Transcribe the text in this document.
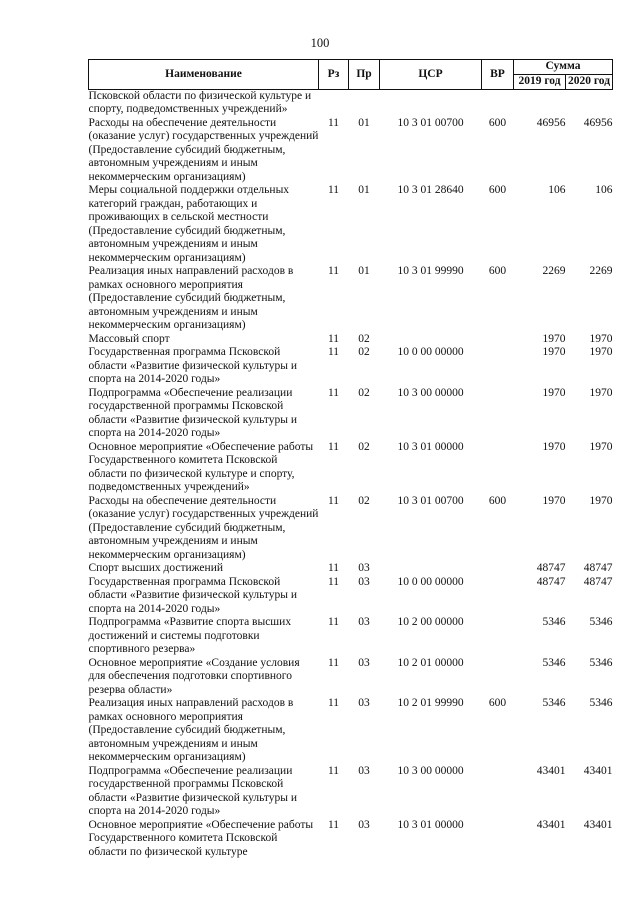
100
Наименование	Рз	Пр	ЦСР	ВР	Сумма	
					2019 год	2020 год
Псковской области по физической культуре и спорту, подведомственных учреждений»						
Расходы на обеспечение деятельности (оказание услуг) государственных учреждений (Предоставление субсидий бюджетным, автономным учреждениям и иным некоммерческим организациям)	11	01	10 3 01 00700	600	46956	46956
Меры социальной поддержки отдельных категорий граждан, работающих и проживающих в сельской местности (Предоставление субсидий бюджетным, автономным учреждениям и иным некоммерческим организациям)	11	01	10 3 01 28640	600	106	106
Реализация иных направлений расходов в рамках основного мероприятия (Предоставление субсидий бюджетным, автономным учреждениям и иным некоммерческим организациям)	11	01	10 3 01 99990	600	2269	2269
Массовый спорт	11	02			1970	1970
Государственная программа Псковской области «Развитие физической культуры и спорта на 2014-2020 годы»	11	02	10 0 00 00000		1970	1970
Подпрограмма «Обеспечение реализации государственной программы Псковской области «Развитие физической культуры и спорта на 2014-2020 годы»	11	02	10 3 00 00000		1970	1970
Основное мероприятие «Обеспечение работы Государственного комитета Псковской области по физической культуре и спорту, подведомственных учреждений»	11	02	10 3 01 00000		1970	1970
Расходы на обеспечение деятельности (оказание услуг) государственных учреждений (Предоставление субсидий бюджетным, автономным учреждениям и иным некоммерческим организациям)	11	02	10 3 01 00700	600	1970	1970
Спорт высших достижений	11	03			48747	48747
Государственная программа Псковской области «Развитие физической культуры и спорта на 2014-2020 годы»	11	03	10 0 00 00000		48747	48747
Подпрограмма «Развитие спорта высших достижений и системы подготовки спортивного резерва»	11	03	10 2 00 00000		5346	5346
Основное мероприятие «Создание условия для обеспечения подготовки спортивного резерва области»	11	03	10 2 01 00000		5346	5346
Реализация иных направлений расходов в рамках основного мероприятия (Предоставление субсидий бюджетным, автономным учреждениям и иным некоммерческим организациям)	11	03	10 2 01 99990	600	5346	5346
Подпрограмма «Обеспечение реализации государственной программы Псковской области «Развитие физической культуры и спорта на 2014-2020 годы»	11	03	10 3 00 00000		43401	43401
Основное мероприятие «Обеспечение работы Государственного комитета Псковской области по физической культуре	11	03	10 3 01 00000		43401	43401
